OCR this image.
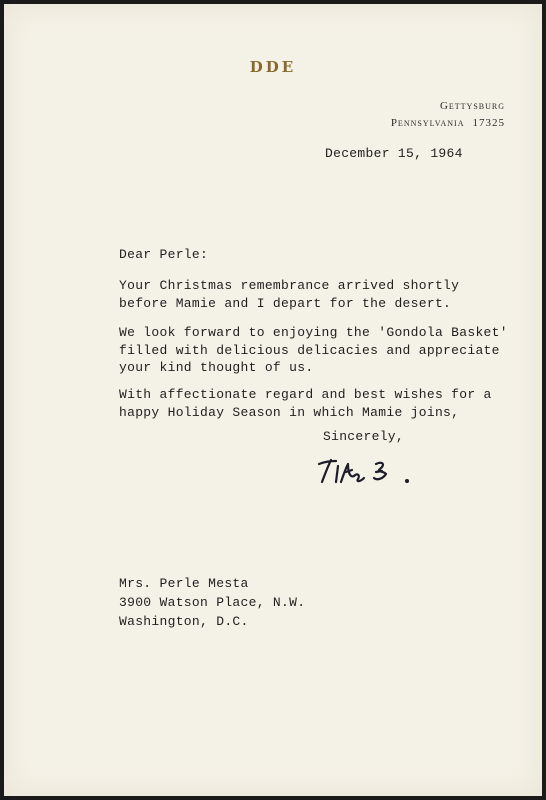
DDE
Gettysburg
Pennsylvania 17325
December 15, 1964
Dear Perle:
Your Christmas remembrance arrived shortly
before Mamie and I depart for the desert.
We look forward to enjoying the 'Gondola Basket'
filled with delicious delicacies and appreciate
your kind thought of us.
With affectionate regard and best wishes for a
happy Holiday Season in which Mamie joins,
Sincerely,
Mrs. Perle Mesta
3900 Watson Place, N.W.
Washington, D.C.
